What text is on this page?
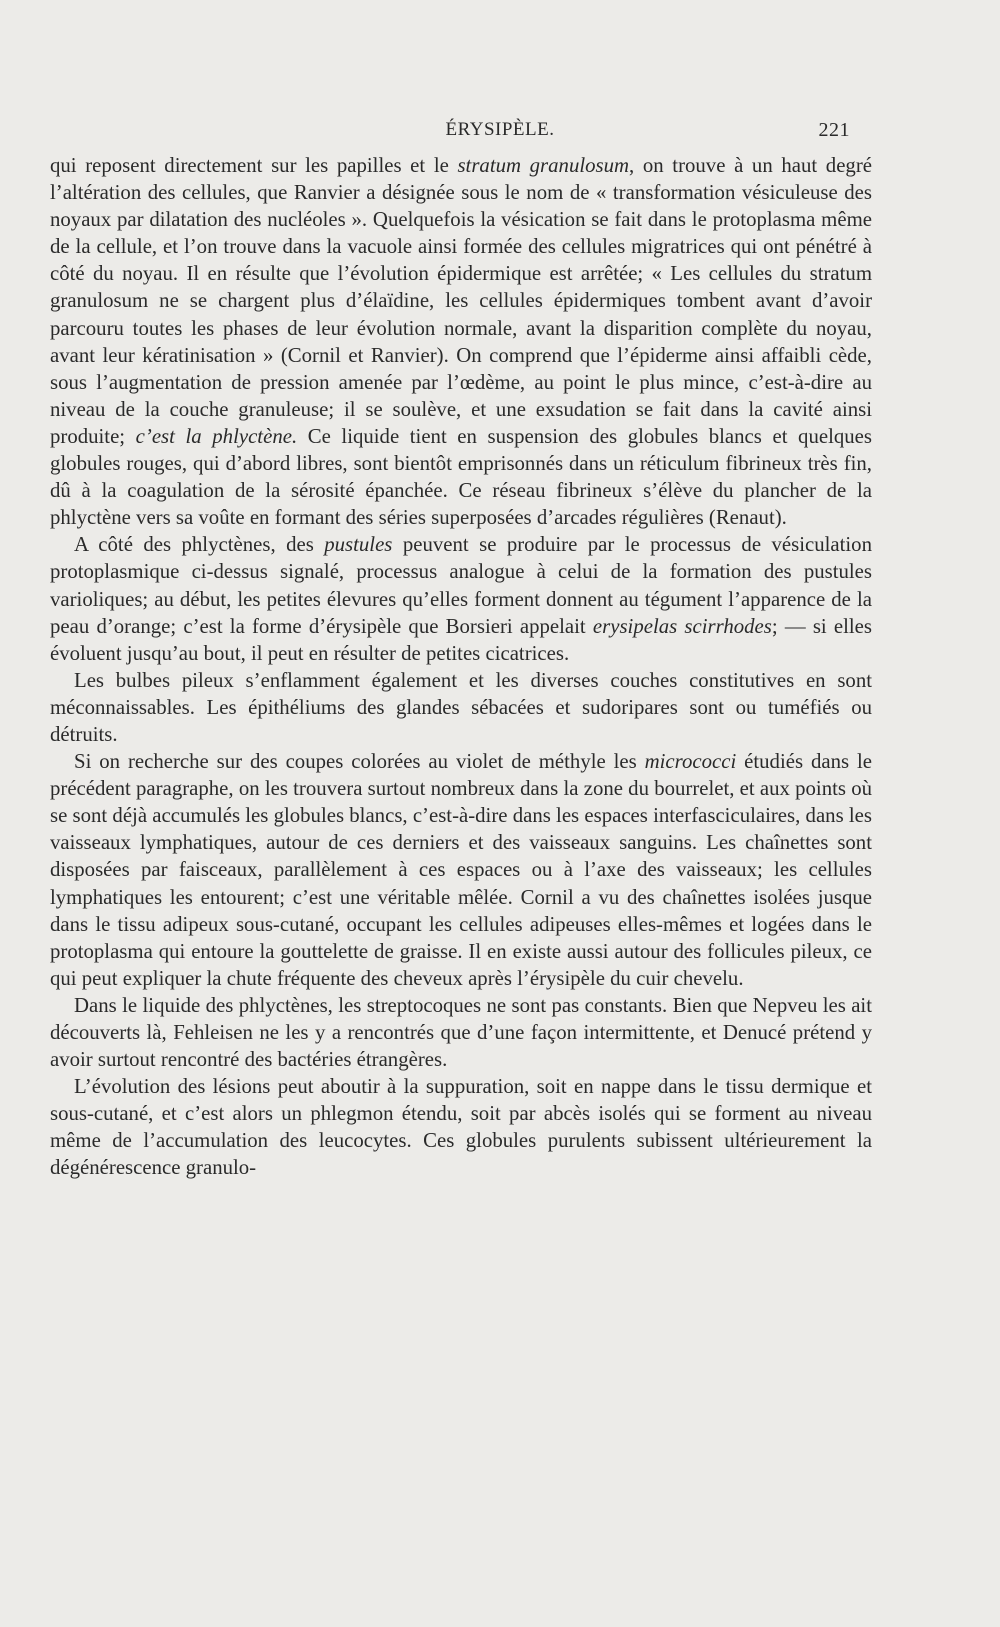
ÉRYSIPÈLE.	221

qui reposent directement sur les papilles et le stratum granulosum, on trouve à un haut degré l’altération des cellules, que Ranvier a désignée sous le nom de « transformation vésiculeuse des noyaux par dilatation des nucléoles ». Quelquefois la vésication se fait dans le protoplasma même de la cellule, et l’on trouve dans la vacuole ainsi formée des cellules migratrices qui ont pénétré à côté du noyau. Il en résulte que l’évolution épidermique est arrêtée; « Les cellules du stratum granulosum ne se chargent plus d’élaïdine, les cellules épidermiques tombent avant d’avoir parcouru toutes les phases de leur évolution normale, avant la disparition complète du noyau, avant leur kératinisation » (Cornil et Ranvier). On comprend que l’épiderme ainsi affaibli cède, sous l’augmentation de pression amenée par l’œdème, au point le plus mince, c’est-à-dire au niveau de la couche granuleuse; il se soulève, et une exsudation se fait dans la cavité ainsi produite; c’est la phlyctène. Ce liquide tient en suspension des globules blancs et quelques globules rouges, qui d’abord libres, sont bientôt emprisonnés dans un réticulum fibrineux très fin, dû à la coagulation de la sérosité épanchée. Ce réseau fibrineux s’élève du plancher de la phlyctène vers sa voûte en formant des séries superposées d’arcades régulières (Renaut).

A côté des phlyctènes, des pustules peuvent se produire par le processus de vésiculation protoplasmique ci-dessus signalé, processus analogue à celui de la formation des pustules varioliques; au début, les petites élevures qu’elles forment donnent au tégument l’apparence de la peau d’orange; c’est la forme d’érysipèle que Borsieri appelait erysipelas scirrhodes; — si elles évoluent jusqu’au bout, il peut en résulter de petites cicatrices.

Les bulbes pileux s’enflamment également et les diverses couches constitutives en sont méconnaissables. Les épithéliums des glandes sébacées et sudoripares sont ou tuméfiés ou détruits.

Si on recherche sur des coupes colorées au violet de méthyle les micrococci étudiés dans le précédent paragraphe, on les trouvera surtout nombreux dans la zone du bourrelet, et aux points où se sont déjà accumulés les globules blancs, c’est-à-dire dans les espaces interfasciculaires, dans les vaisseaux lymphatiques, autour de ces derniers et des vaisseaux sanguins. Les chaînettes sont disposées par faisceaux, parallèlement à ces espaces ou à l’axe des vaisseaux; les cellules lymphatiques les entourent; c’est une véritable mêlée. Cornil a vu des chaînettes isolées jusque dans le tissu adipeux sous-cutané, occupant les cellules adipeuses elles-mêmes et logées dans le protoplasma qui entoure la gouttelette de graisse. Il en existe aussi autour des follicules pileux, ce qui peut expliquer la chute fréquente des cheveux après l’érysipèle du cuir chevelu.

Dans le liquide des phlyctènes, les streptocoques ne sont pas constants. Bien que Nepveu les ait découverts là, Fehleisen ne les y a rencontrés que d’une façon intermittente, et Denucé prétend y avoir surtout rencontré des bactéries étrangères.

L’évolution des lésions peut aboutir à la suppuration, soit en nappe dans le tissu dermique et sous-cutané, et c’est alors un phlegmon étendu, soit par abcès isolés qui se forment au niveau même de l’accumulation des leucocytes. Ces globules purulents subissent ultérieurement la dégénérescence granulo-
